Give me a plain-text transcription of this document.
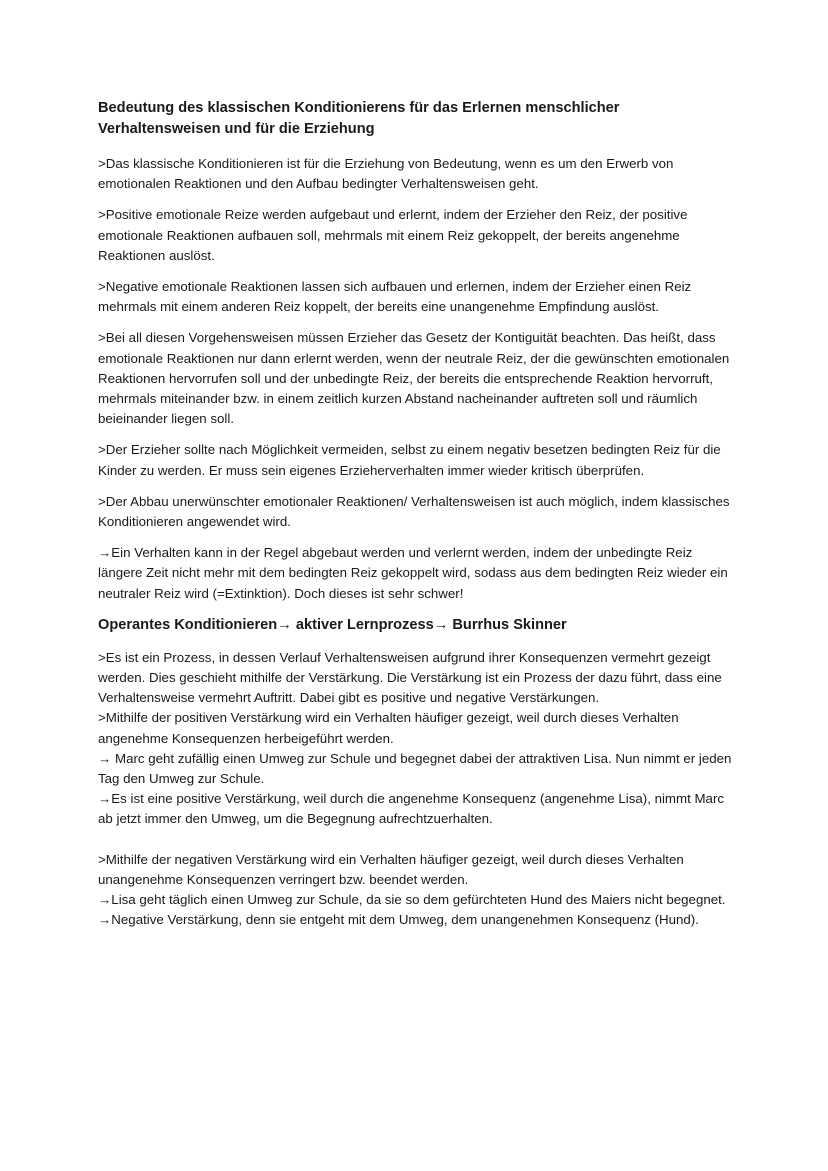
Bedeutung des klassischen Konditionierens für das Erlernen menschlicher Verhaltensweisen und für die Erziehung

>Das klassische Konditionieren ist für die Erziehung von Bedeutung, wenn es um den Erwerb von emotionalen Reaktionen und den Aufbau bedingter Verhaltensweisen geht.

>Positive emotionale Reize werden aufgebaut und erlernt, indem der Erzieher den Reiz, der positive emotionale Reaktionen aufbauen soll, mehrmals mit einem Reiz gekoppelt, der bereits angenehme Reaktionen auslöst.

>Negative emotionale Reaktionen lassen sich aufbauen und erlernen, indem der Erzieher einen Reiz mehrmals mit einem anderen Reiz koppelt, der bereits eine unangenehme Empfindung auslöst.

>Bei all diesen Vorgehensweisen müssen Erzieher das Gesetz der Kontiguität beachten. Das heißt, dass emotionale Reaktionen nur dann erlernt werden, wenn der neutrale Reiz, der die gewünschten emotionalen Reaktionen hervorrufen soll und der unbedingte Reiz, der bereits die entsprechende Reaktion hervorruft, mehrmals miteinander bzw. in einem zeitlich kurzen Abstand nacheinander auftreten soll und räumlich beieinander liegen soll.

>Der Erzieher sollte nach Möglichkeit vermeiden, selbst zu einem negativ besetzen bedingten Reiz für die Kinder zu werden. Er muss sein eigenes Erzieherverhalten immer wieder kritisch überprüfen.

>Der Abbau unerwünschter emotionaler Reaktionen/ Verhaltensweisen ist auch möglich, indem klassisches Konditionieren angewendet wird.

→Ein Verhalten kann in der Regel abgebaut werden und verlernt werden, indem der unbedingte Reiz längere Zeit nicht mehr mit dem bedingten Reiz gekoppelt wird, sodass aus dem bedingten Reiz wieder ein neutraler Reiz wird (=Extinktion). Doch dieses ist sehr schwer!

Operantes Konditionieren→ aktiver Lernprozess→ Burrhus Skinner

>Es ist ein Prozess, in dessen Verlauf Verhaltensweisen aufgrund ihrer Konsequenzen vermehrt gezeigt werden. Dies geschieht mithilfe der Verstärkung. Die Verstärkung ist ein Prozess der dazu führt, dass eine Verhaltensweise vermehrt Auftritt. Dabei gibt es positive und negative Verstärkungen.

>Mithilfe der positiven Verstärkung wird ein Verhalten häufiger gezeigt, weil durch dieses Verhalten angenehme Konsequenzen herbeigeführt werden.

→ Marc geht zufällig einen Umweg zur Schule und begegnet dabei der attraktiven Lisa. Nun nimmt er jeden Tag den Umweg zur Schule.

→Es ist eine positive Verstärkung, weil durch die angenehme Konsequenz (angenehme Lisa), nimmt Marc ab jetzt immer den Umweg, um die Begegnung aufrechtzuerhalten.

>Mithilfe der negativen Verstärkung wird ein Verhalten häufiger gezeigt, weil durch dieses Verhalten unangenehme Konsequenzen verringert bzw. beendet werden.

→Lisa geht täglich einen Umweg zur Schule, da sie so dem gefürchteten Hund des Maiers nicht begegnet.

→Negative Verstärkung, denn sie entgeht mit dem Umweg, dem unangenehmen Konsequenz (Hund).
